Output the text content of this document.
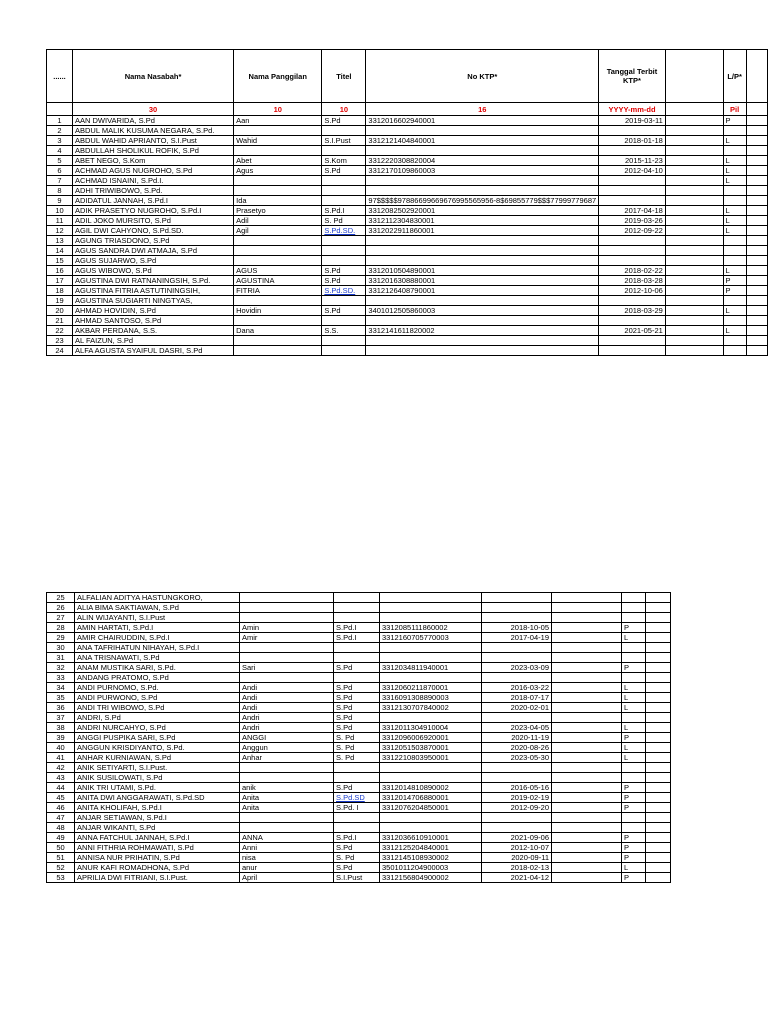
......	Nama Nasabah*	Nama Panggilan	Titel	No KTP*	Tanggal Terbit KTP*		L/P*	
	30	10	10	16	YYYY-mm-dd		Pil	
1	AAN DWIVARIDA, S.Pd	Aan	S.Pd	3312016602940001	2019-03-11		P	
2	ABDUL MALIK KUSUMA NEGARA, S.Pd.							
3	ABDUL WAHID APRIANTO, S.I.Pust	Wahid	S.I.Pust	3312121404840001	2018-01-18		L	
4	ABDULLAH SHOLIKUL ROFIK, S.Pd							
5	ABET NEGO, S.Kom	Abet	S.Kom	3312220308820004	2015-11-23		L	
6	ACHMAD AGUS NUGROHO, S.Pd	Agus	S.Pd	3312170109860003	2012-04-10		L	
7	ACHMAD ISNAINI, S.Pd.I.						L	
8	ADHI TRIWIBOWO, S.Pd.							
9	ADIDATUL JANNAH, S.Pd.I	Ida		97$$$$$97886699669676995565956-8$69855779$$$77999779687				
10	ADIK PRASETYO NUGROHO, S.Pd.I	Prasetyo	S.Pd.I	3312082502920001	2017-04-18		L	
11	ADIL JOKO MURSITO, S.Pd	Adil	S. Pd	3312112304830001	2019-03-26		L	
12	AGIL DWI CAHYONO, S.Pd.SD.	Agil	S.Pd.SD.	3312022911860001	2012-09-22		L	
13	AGUNG TRIASDONO, S.Pd							
14	AGUS SANDRA DWI ATMAJA, S.Pd							
15	AGUS SUJARWO, S.Pd							
16	AGUS WIBOWO, S.Pd	AGUS	S.Pd	3312010504890001	2018-02-22		L	
17	AGUSTINA DWI RATNANINGSIH, S.Pd.	AGUSTINA	S.Pd	3312016308880001	2018-03-28		P	
18	AGUSTINA FITRIA ASTUTININGSIH,	FITRIA	S.Pd.SD.	3312126408790001	2012-10-06		P	
19	AGUSTINA SUGIARTI NINGTYAS,							
20	AHMAD HOVIDIN, S.Pd	Hovidin	S.Pd	3401012505860003	2018-03-29		L	
21	AHMAD SANTOSO, S.Pd							
22	AKBAR PERDANA, S.S.	Dana	S.S.	3312141611820002	2021-05-21		L	
23	AL FAIZUN, S.Pd							
24	ALFA AGUSTA SYAIFUL DASRI, S.Pd							
25	ALFALIAN ADITYA HASTUNGKORO,							
26	ALIA BIMA SAKTIAWAN, S.Pd							
27	ALIN WIJAYANTI, S.I.Pust							
28	AMIN HARTATI, S.Pd.I	Amin	S.Pd.I	3312085111860002	2018-10-05		P	
29	AMIR CHAIRUDDIN, S.Pd.I	Amir	S.Pd.I	3312160705770003	2017-04-19		L	
30	ANA TAFRIHATUN NIHAYAH, S.Pd.I							
31	ANA TRISNAWATI, S.Pd							
32	ANAM MUSTIKA SARI, S.Pd.	Sari	S.Pd	3312034811940001	2023-03-09		P	
33	ANDANG PRATOMO, S.Pd							
34	ANDI PURNOMO, S.Pd.	Andi	S.Pd	3312060211870001	2016-03-22		L	
35	ANDI PURWONO, S.Pd	Andi	S.Pd	3316091308890003	2018-07-17		L	
36	ANDI TRI WIBOWO, S.Pd	Andi	S.Pd	3312130707840002	2020-02-01		L	
37	ANDRI, S.Pd	Andri	S.Pd					
38	ANDRI NURCAHYO, S.Pd	Andri	S.Pd	3312011304910004	2023-04-05		L	
39	ANGGI PUSPIKA SARI, S.Pd	ANGGI	S. Pd	3312096006920001	2020-11-19		P	
40	ANGGUN KRISDIYANTO, S.Pd.	Anggun	S. Pd	3312051503870001	2020-08-26		L	
41	ANHAR KURNIAWAN, S.Pd	Anhar	S. Pd	3312210803950001	2023-05-30		L	
42	ANIK SETIYARTI, S.I.Pust.							
43	ANIK SUSILOWATI, S.Pd							
44	ANIK TRI UTAMI, S.Pd.	anik	S.Pd	3312014810890002	2016-05-16		P	
45	ANITA DWI ANGGARAWATI, S.Pd.SD	Anita	S.Pd.SD	3312014706880001	2019-02-19		P	
46	ANITA KHOLIFAH, S.Pd.I	Anita	S.Pd. I	3312076204850001	2012-09-20		P	
47	ANJAR SETIAWAN, S.Pd.I							
48	ANJAR WIKANTI, S.Pd							
49	ANNA FATCHUL JANNAH, S.Pd.I	ANNA	S.Pd.I	3312036610910001	2021-09-06		P	
50	ANNI FITHRIA ROHMAWATI, S.Pd	Anni	S.Pd	3312125204840001	2012-10-07		P	
51	ANNISA NUR PRIHATIN, S.Pd	nisa	S. Pd	3312145108930002	2020-09-11		P	
52	ANUR KAFI ROMADHONA, S.Pd	anur	S.Pd	3501011204900003	2018-02-13		L	
53	APRILIA DWI FITRIANI, S.I.Pust.	April	S.I.Pust	3312156804900002	2021-04-12		P	
